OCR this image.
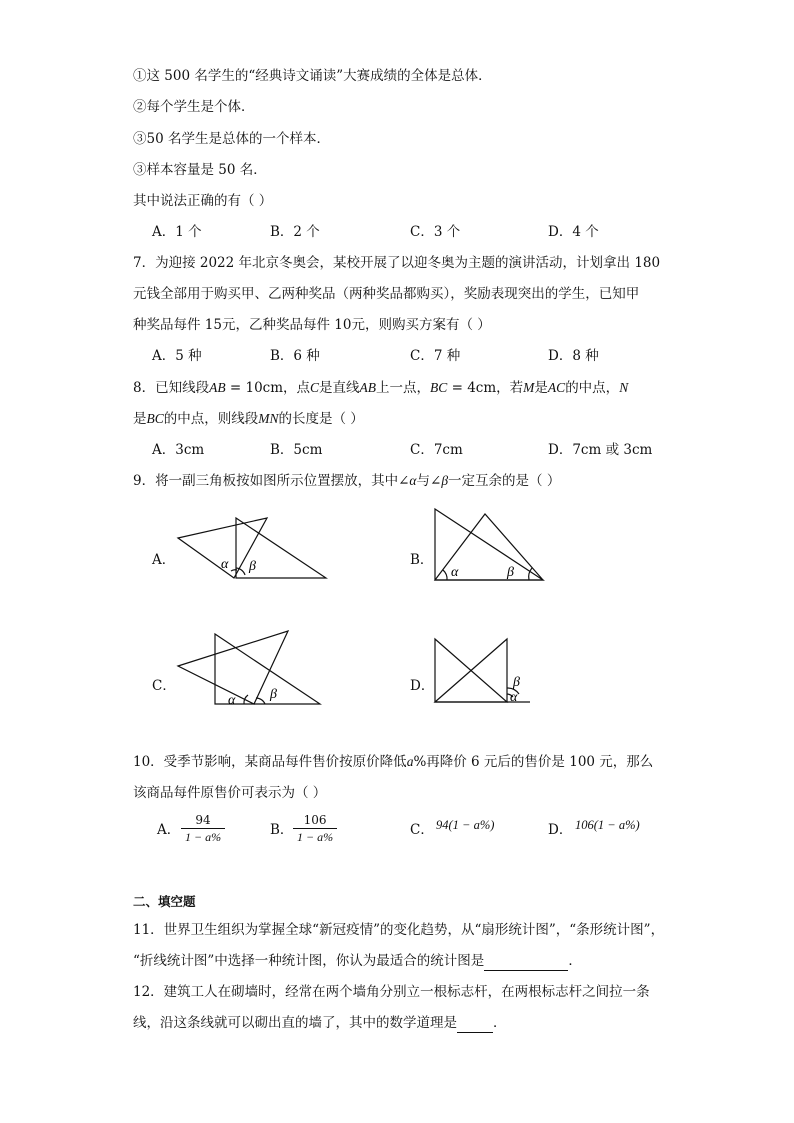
①这 500 名学生的“经典诗文诵读”大赛成绩的全体是总体．
②每个学生是个体．
③50 名学生是总体的一个样本．
③样本容量是 50 名．
其中说法正确的有（ ）
A．1 个	B．2 个	C．3 个	D．4 个
7．为迎接 2022 年北京冬奥会，某校开展了以迎冬奥为主题的演讲活动，计划拿出 180
元钱全部用于购买甲、乙两种奖品（两种奖品都购买），奖励表现突出的学生，已知甲
种奖品每件 15元，乙种奖品每件 10元，则购买方案有（ ）
A．5 种	B．6 种	C．7 种	D．8 种
8．已知线段AB = 10cm，点C是直线AB上一点，BC = 4cm，若M是AC的中点，N
是BC的中点，则线段MN的长度是（ ）
A．3cm	B．5cm	C．7cm	D．7cm 或 3cm
9．将一副三角板按如图所示位置摆放，其中∠α与∠β一定互余的是（ ）
A．	B．
C．	D．
α β	α	β
α β
β
α
10．受季节影响，某商品每件售价按原价降低a%再降价 6 元后的售价是 100 元，那么
该商品每件原售价可表示为（ ）
A． $\frac{94}{1 - a\%}$	B． $\frac{106}{1 - a\%}$	C． 94(1 − a%)	D． 106(1 − a%)
二、填空题
11．世界卫生组织为掌握全球“新冠疫情”的变化趋势，从“扇形统计图”，“条形统计图”，
“折线统计图”中选择一种统计图，你认为最适合的统计图是	．
12．建筑工人在砌墙时，经常在两个墙角分别立一根标志杆，在两根标志杆之间拉一条
线，沿这条线就可以砌出直的墙了，其中的数学道理是	．
